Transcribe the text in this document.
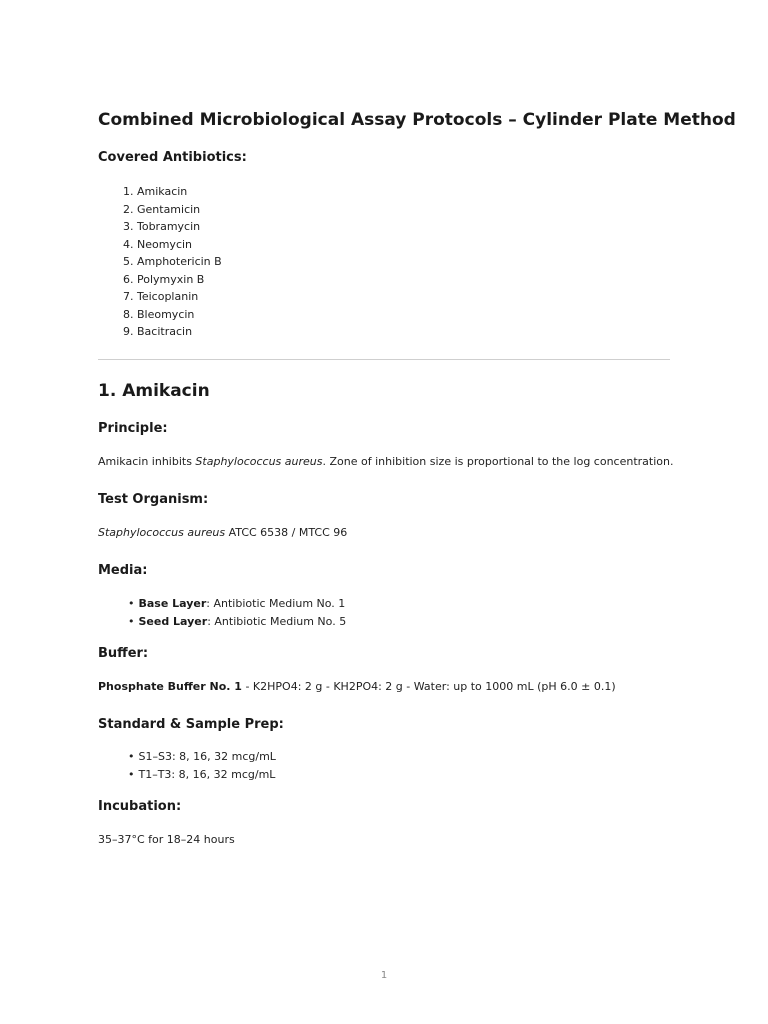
Combined Microbiological Assay Protocols – Cylinder Plate Method
Covered Antibiotics:
1. Amikacin
2. Gentamicin
3. Tobramycin
4. Neomycin
5. Amphotericin B
6. Polymyxin B
7. Teicoplanin
8. Bleomycin
9. Bacitracin
1. Amikacin
Principle:

Amikacin inhibits Staphylococcus aureus. Zone of inhibition size is proportional to the log concentration.

Test Organism:

Staphylococcus aureus ATCC 6538 / MTCC 96

Media:
• Base Layer: Antibiotic Medium No. 1
• Seed Layer: Antibiotic Medium No. 5
Buffer:

Phosphate Buffer No. 1 - K2HPO4: 2 g - KH2PO4: 2 g - Water: up to 1000 mL (pH 6.0 ± 0.1)

Standard & Sample Prep:
• S1–S3: 8, 16, 32 mcg/mL
• T1–T3: 8, 16, 32 mcg/mL
Incubation:

35–37°C for 18–24 hours

1
